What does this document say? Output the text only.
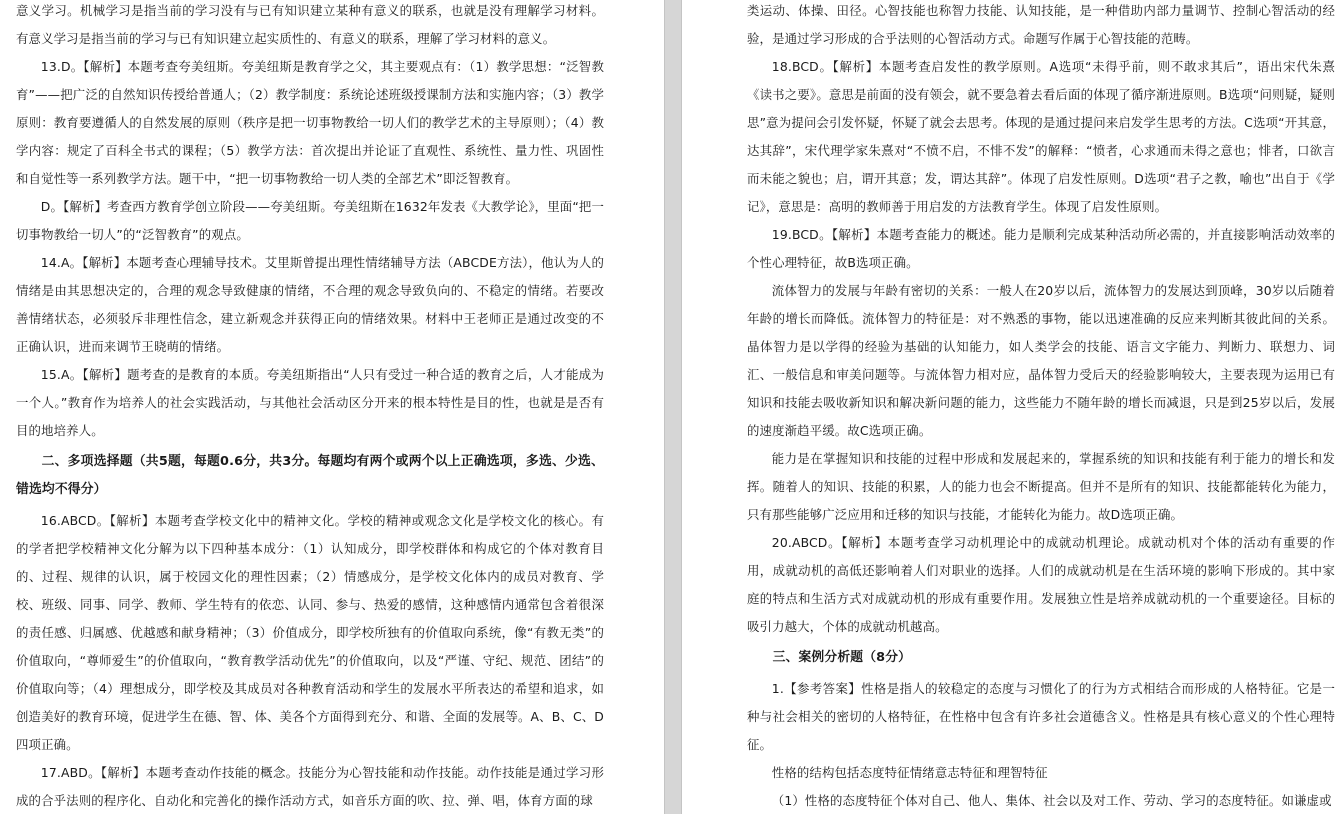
意义学习。机械学习是指当前的学习没有与已有知识建立某种有意义的联系，也就是没有理解学习材料。有意义学习是指当前的学习与已有知识建立起实质性的、有意义的联系，理解了学习材料的意义。

13.D。【解析】本题考查夸美纽斯。夸美纽斯是教育学之父，其主要观点有：（1）教学思想：“泛智教育”——把广泛的自然知识传授给普通人；（2）教学制度：系统论述班级授课制方法和实施内容；（3）教学原则：教育要遵循人的自然发展的原则（秩序是把一切事物教给一切人们的教学艺术的主导原则）；（4）教学内容：规定了百科全书式的课程；（5）教学方法：首次提出并论证了直观性、系统性、量力性、巩固性和自觉性等一系列教学方法。题干中，“把一切事物教给一切人类的全部艺术”即泛智教育。

D。【解析】考查西方教育学创立阶段——夸美纽斯。夸美纽斯在1632年发表《大教学论》，里面“把一切事物教给一切人”的“泛智教育”的观点。

14.A。【解析】本题考查心理辅导技术。艾里斯曾提出理性情绪辅导方法（ABCDE方法），他认为人的情绪是由其思想决定的，合理的观念导致健康的情绪，不合理的观念导致负向的、不稳定的情绪。若要改善情绪状态，必须驳斥非理性信念，建立新观念并获得正向的情绪效果。材料中王老师正是通过改变的不正确认识，进而来调节王晓萌的情绪。

15.A。【解析】题考查的是教育的本质。夸美纽斯指出“人只有受过一种合适的教育之后，人才能成为一个人。”教育作为培养人的社会实践活动，与其他社会活动区分开来的根本特性是目的性，也就是是否有目的地培养人。

二、多项选择题（共5题，每题0.6分，共3分。每题均有两个或两个以上正确选项，多选、少选、错选均不得分）

16.ABCD。【解析】本题考查学校文化中的精神文化。学校的精神或观念文化是学校文化的核心。有的学者把学校精神文化分解为以下四种基本成分：（1）认知成分，即学校群体和构成它的个体对教育目的、过程、规律的认识，属于校园文化的理性因素；（2）情感成分，是学校文化体内的成员对教育、学校、班级、同事、同学、教师、学生特有的依恋、认同、参与、热爱的感情，这种感情内通常包含着很深的责任感、归属感、优越感和献身精神；（3）价值成分，即学校所独有的价值取向系统，像“有教无类”的价值取向，“尊师爱生”的价值取向，“教育教学活动优先”的价值取向，以及“严谨、守纪、规范、团结”的价值取向等；（4）理想成分，即学校及其成员对各种教育活动和学生的发展水平所表达的希望和追求，如创造美好的教育环境，促进学生在德、智、体、美各个方面得到充分、和谐、全面的发展等。A、B、C、D四项正确。

17.ABD。【解析】本题考查动作技能的概念。技能分为心智技能和动作技能。动作技能是通过学习形成的合乎法则的程序化、自动化和完善化的操作活动方式，如音乐方面的吹、拉、弹、唱，体育方面的球

类运动、体操、田径。心智技能也称智力技能、认知技能，是一种借助内部力量调节、控制心智活动的经验，是通过学习形成的合乎法则的心智活动方式。命题写作属于心智技能的范畴。

18.BCD。【解析】本题考查启发性的教学原则。A选项“未得乎前，则不敢求其后”，语出宋代朱熹《读书之要》。意思是前面的没有领会，就不要急着去看后面的体现了循序渐进原则。B选项“问则疑，疑则思”意为提问会引发怀疑，怀疑了就会去思考。体现的是通过提问来启发学生思考的方法。C选项“开其意，达其辞”，宋代理学家朱熹对“不愤不启，不悱不发”的解释：“愤者，心求通而未得之意也；悱者，口欲言而未能之貌也；启，谓开其意；发，谓达其辞”。体现了启发性原则。D选项“君子之教，喻也”出自于《学记》，意思是：高明的教师善于用启发的方法教育学生。体现了启发性原则。

19.BCD。【解析】本题考查能力的概述。能力是顺利完成某种活动所必需的，并直接影响活动效率的个性心理特征，故B选项正确。

流体智力的发展与年龄有密切的关系：一般人在20岁以后，流体智力的发展达到顶峰，30岁以后随着年龄的增长而降低。流体智力的特征是：对不熟悉的事物，能以迅速准确的反应来判断其彼此间的关系。晶体智力是以学得的经验为基础的认知能力，如人类学会的技能、语言文字能力、判断力、联想力、词汇、一般信息和审美问题等。与流体智力相对应，晶体智力受后天的经验影响较大，主要表现为运用已有知识和技能去吸收新知识和解决新问题的能力，这些能力不随年龄的增长而减退，只是到25岁以后，发展的速度渐趋平缓。故C选项正确。

能力是在掌握知识和技能的过程中形成和发展起来的，掌握系统的知识和技能有利于能力的增长和发挥。随着人的知识、技能的积累，人的能力也会不断提高。但并不是所有的知识、技能都能转化为能力，只有那些能够广泛应用和迁移的知识与技能，才能转化为能力。故D选项正确。

20.ABCD。【解析】本题考查学习动机理论中的成就动机理论。成就动机对个体的活动有重要的作用，成就动机的高低还影响着人们对职业的选择。人们的成就动机是在生活环境的影响下形成的。其中家庭的特点和生活方式对成就动机的形成有重要作用。发展独立性是培养成就动机的一个重要途径。目标的吸引力越大，个体的成就动机越高。

三、案例分析题（8分）

1.【参考答案】性格是指人的较稳定的态度与习惯化了的行为方式相结合而形成的人格特征。它是一种与社会相关的密切的人格特征，在性格中包含有许多社会道德含义。性格是具有核心意义的个性心理特征。

性格的结构包括态度特征情绪意志特征和理智特征

（1）性格的态度特征个体对自己、他人、集体、社会以及对工作、劳动、学习的态度特征。如谦虚或
